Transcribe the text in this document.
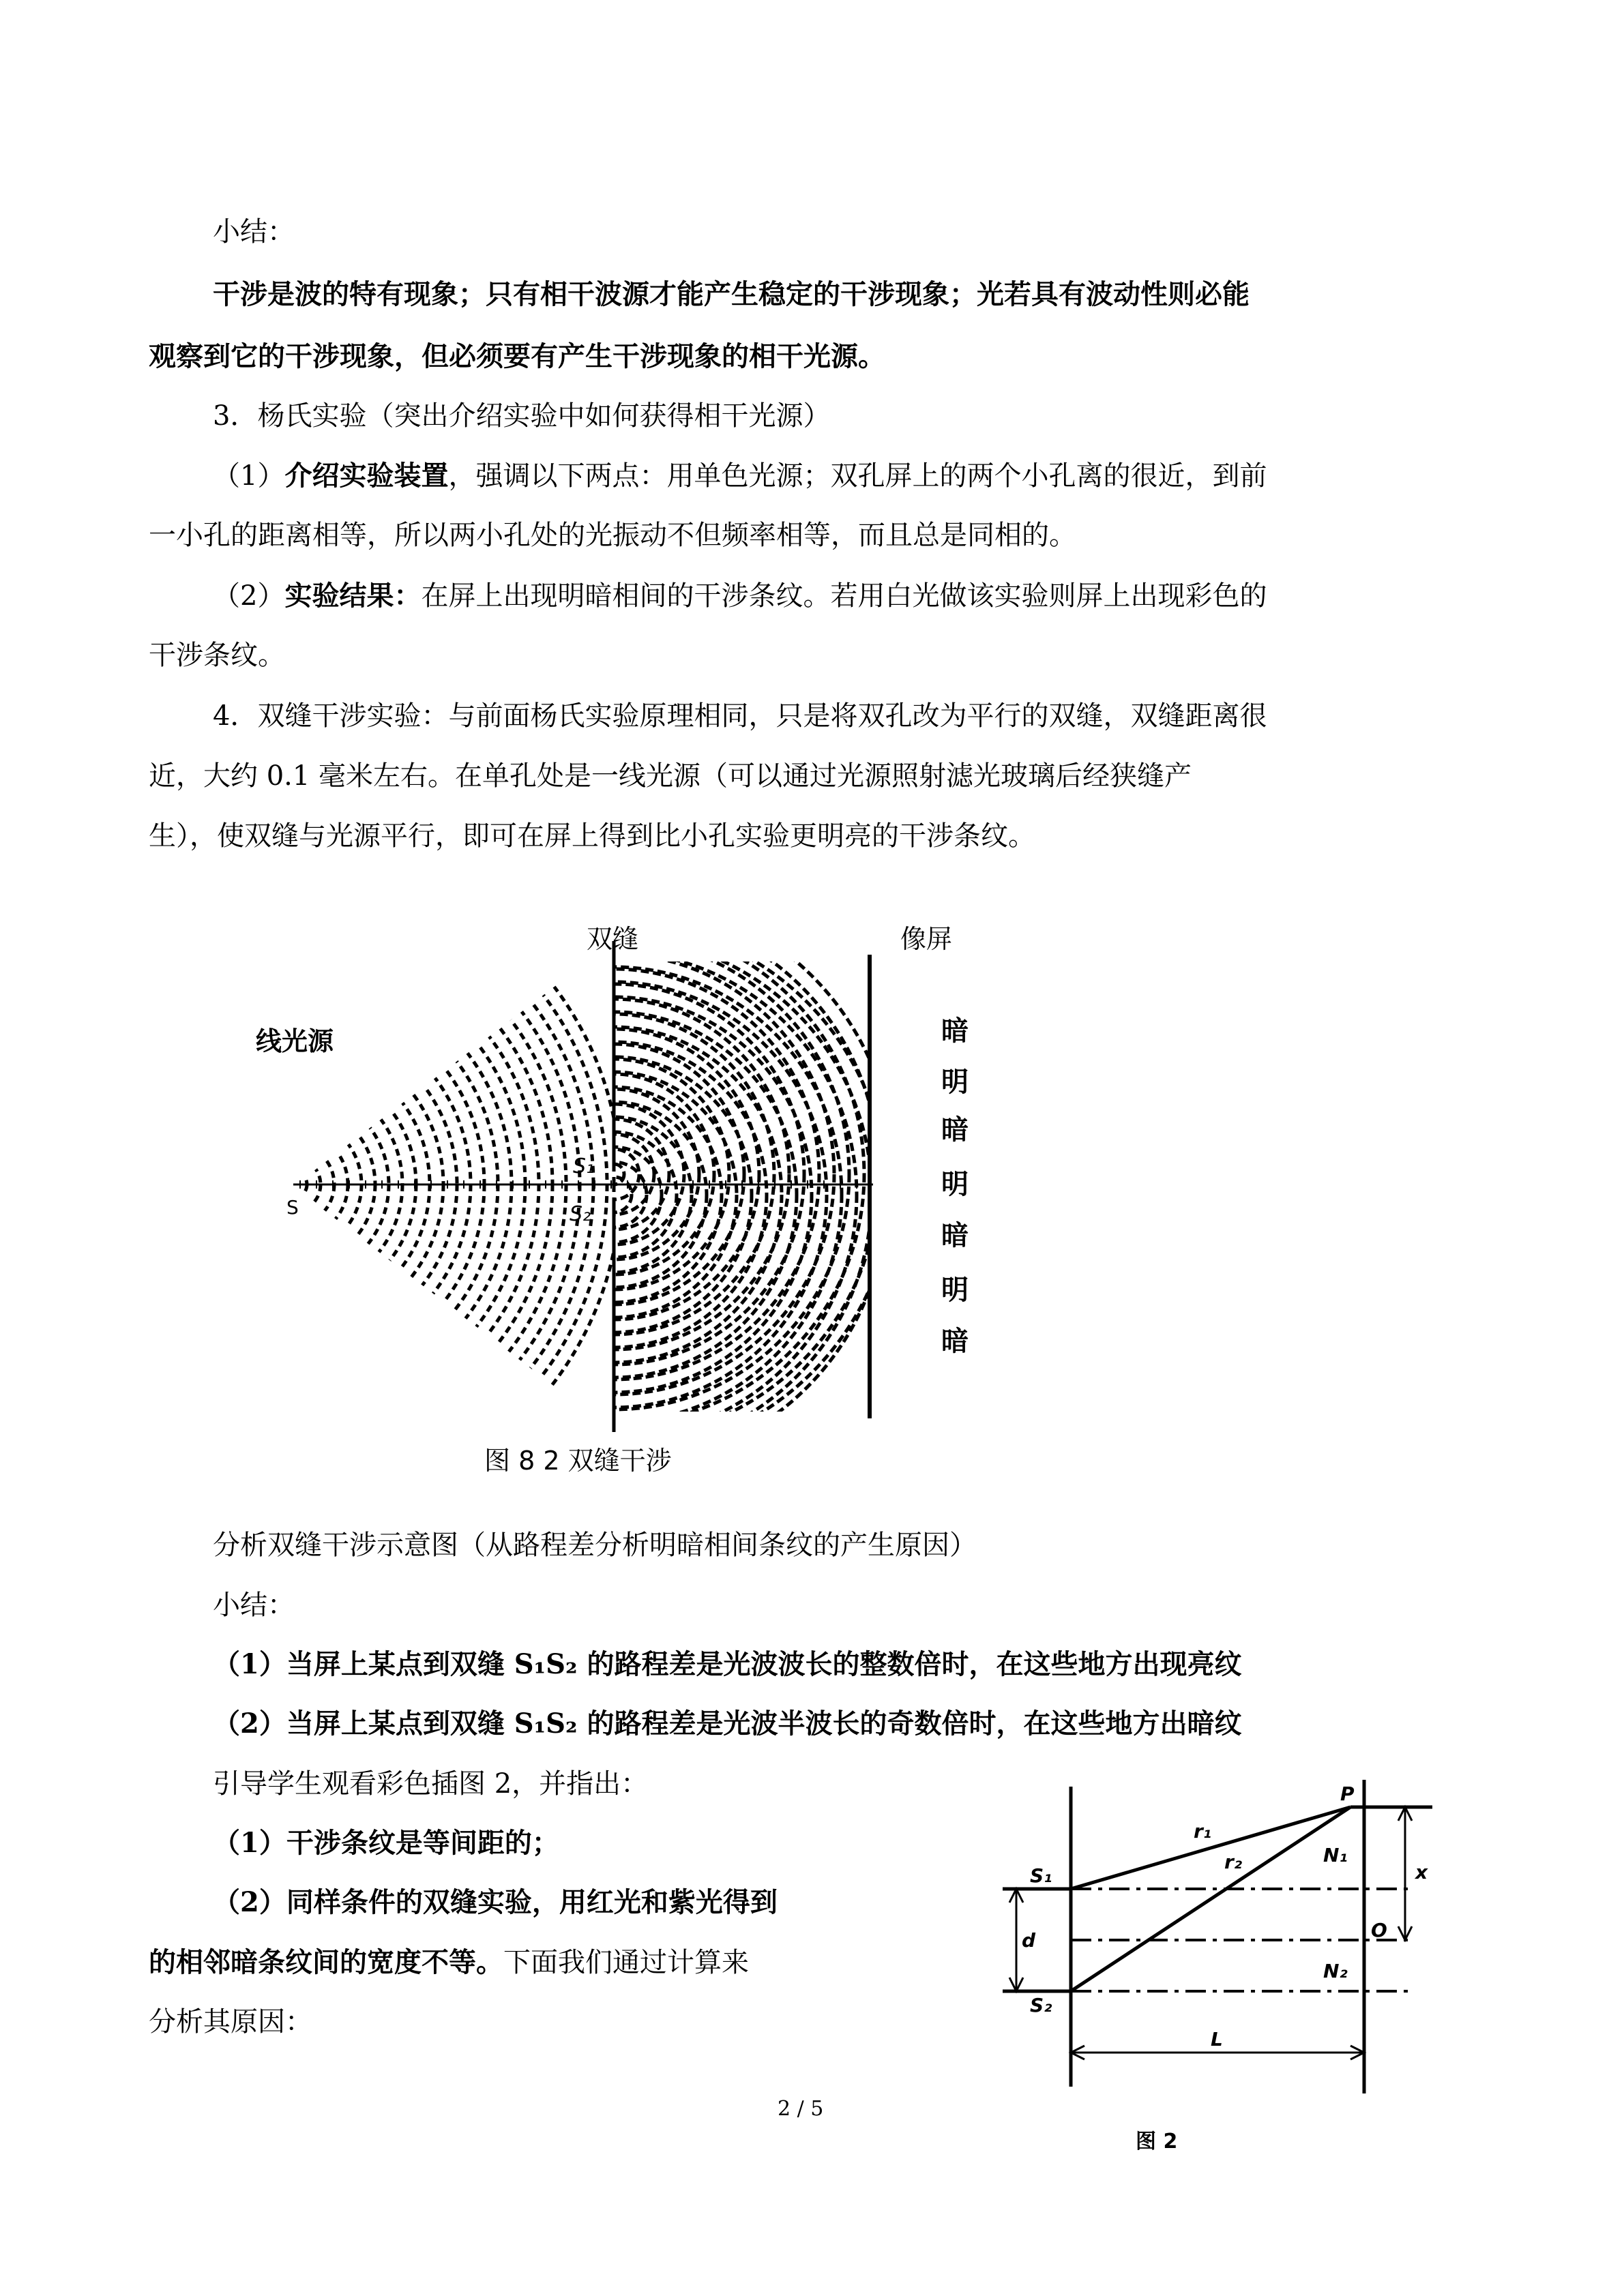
小结：
干涉是波的特有现象；只有相干波源才能产生稳定的干涉现象；光若具有波动性则必能
观察到它的干涉现象，但必须要有产生干涉现象的相干光源。
3．杨氏实验（突出介绍实验中如何获得相干光源）
（1）介绍实验装置，强调以下两点：用单色光源；双孔屏上的两个小孔离的很近，到前
一小孔的距离相等，所以两小孔处的光振动不但频率相等，而且总是同相的。
（2）实验结果：在屏上出现明暗相间的干涉条纹。若用白光做该实验则屏上出现彩色的
干涉条纹。
4．双缝干涉实验：与前面杨氏实验原理相同，只是将双孔改为平行的双缝，双缝距离很
近，大约 0.1 毫米左右。在单孔处是一线光源（可以通过光源照射滤光玻璃后经狭缝产
生），使双缝与光源平行，即可在屏上得到比小孔实验更明亮的干涉条纹。
双缝	像屏
线光源
S
S₁
S₂
暗
明
暗
明
暗
明
暗
图 8 2 双缝干涉
分析双缝干涉示意图（从路程差分析明暗相间条纹的产生原因）
小结：
（1）当屏上某点到双缝 S₁S₂ 的路程差是光波波长的整数倍时，在这些地方出现亮纹
（2）当屏上某点到双缝 S₁S₂ 的路程差是光波半波长的奇数倍时，在这些地方出暗纹
引导学生观看彩色插图 2，并指出：
（1）干涉条纹是等间距的；
（2）同样条件的双缝实验，用红光和紫光得到
的相邻暗条纹间的宽度不等。下面我们通过计算来
分析其原因：
P
S₁
S₂
r₁
r₂	N₁
N₂
x
d	O
L
图 2
2 / 5
